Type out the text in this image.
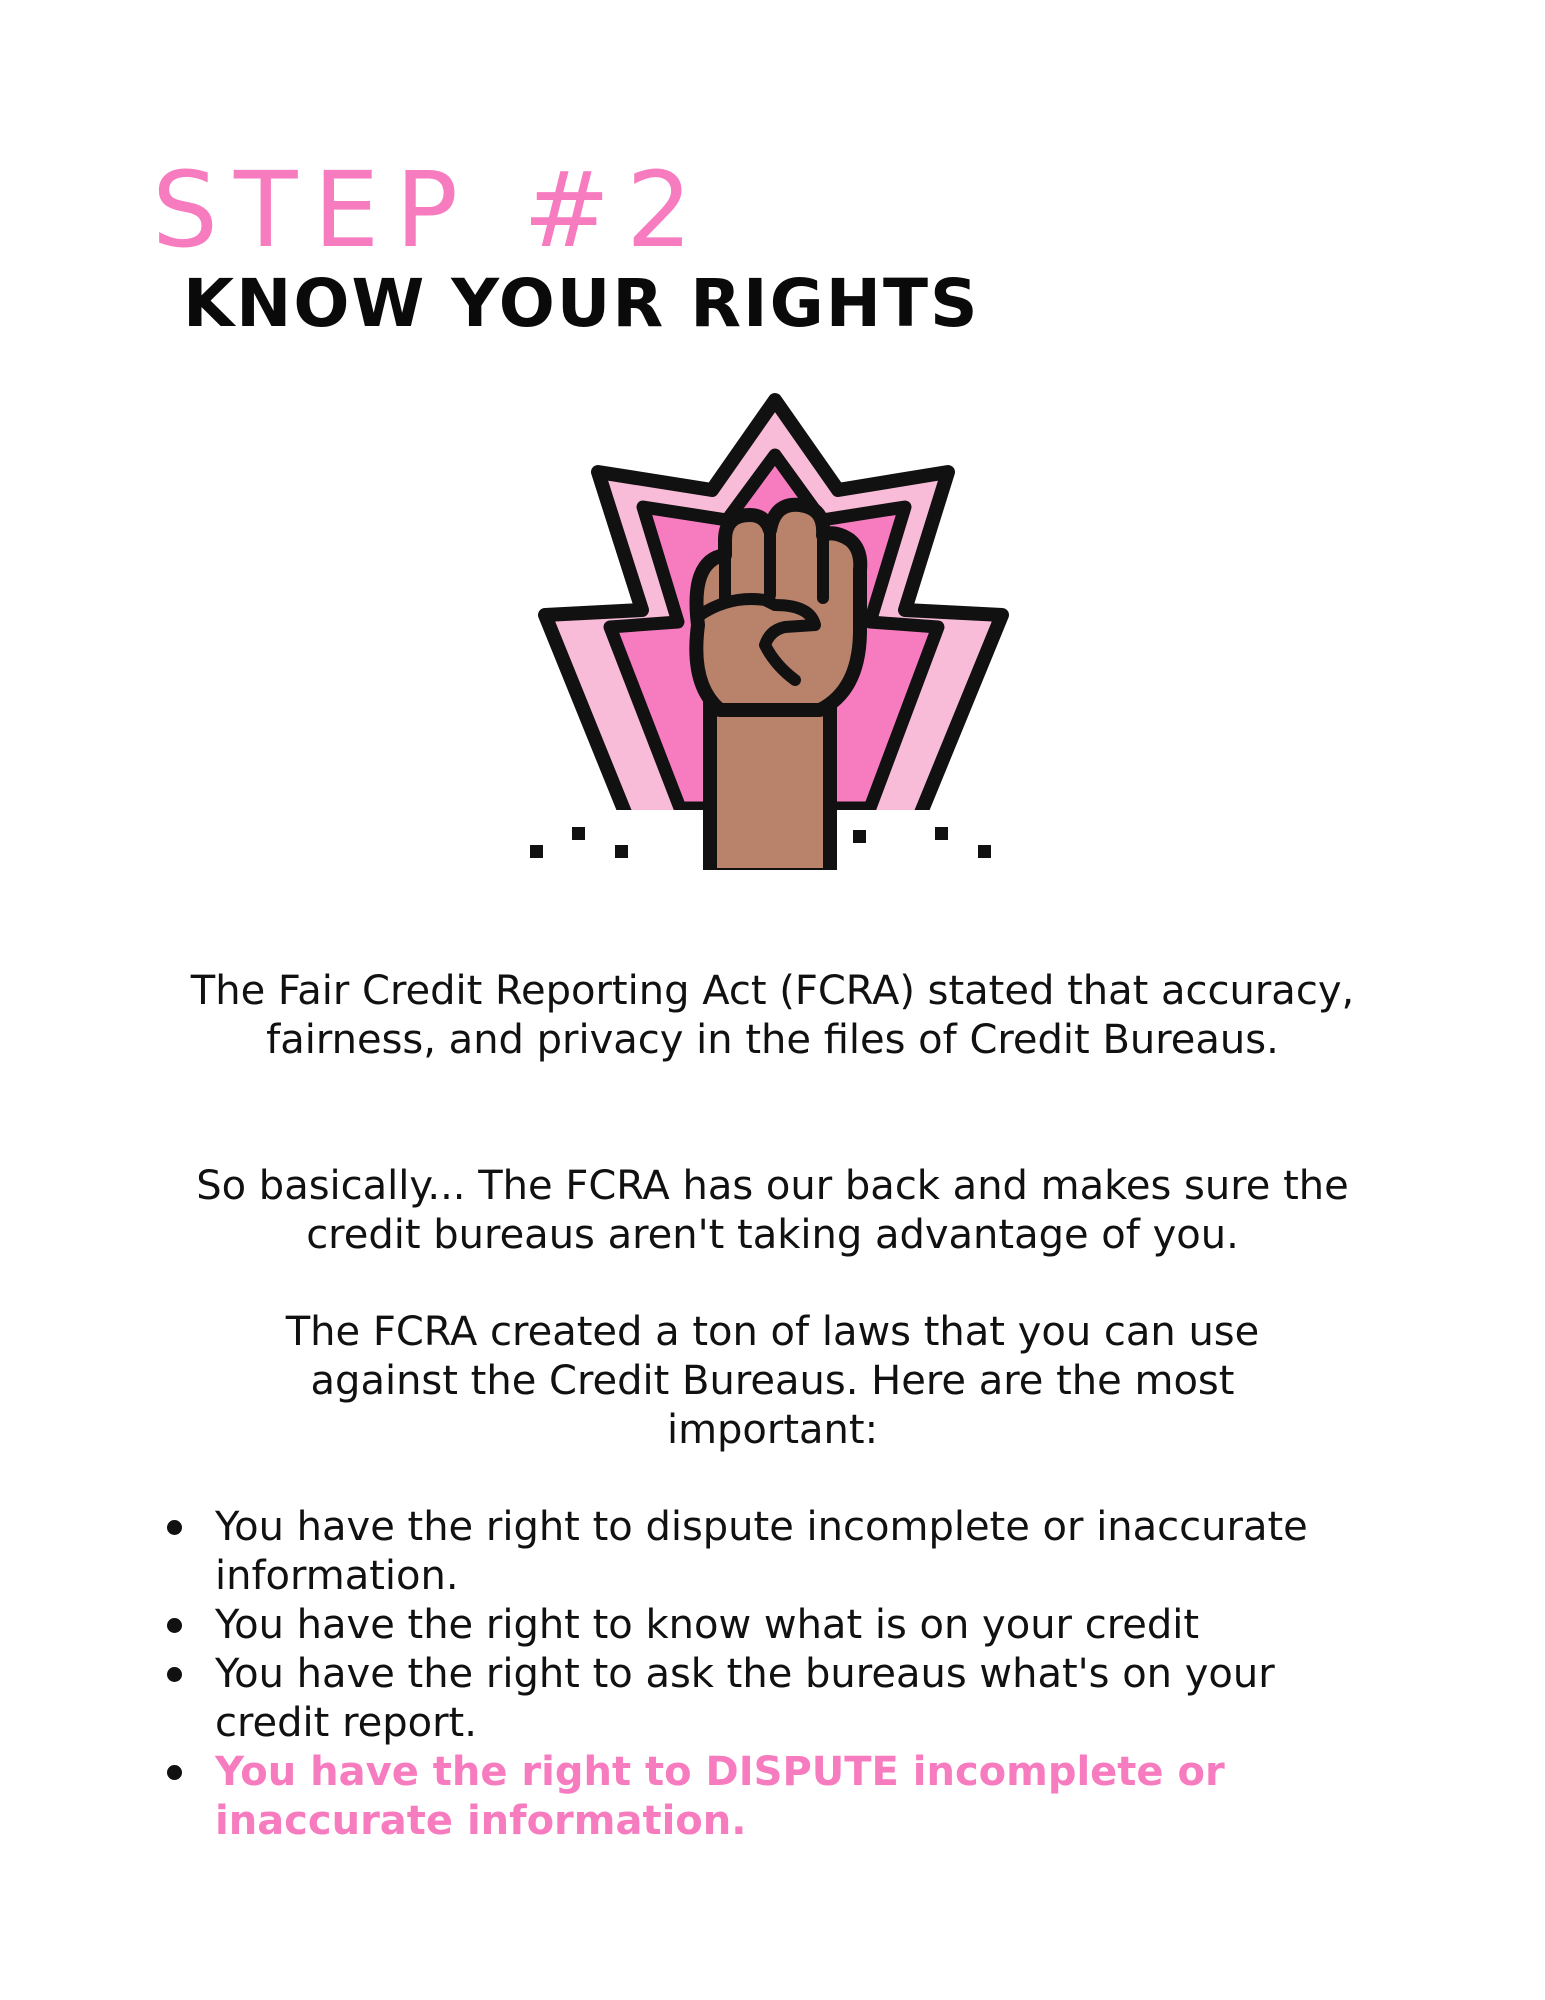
STEP #2
KNOW YOUR RIGHTS

The Fair Credit Reporting Act (FCRA) stated that accuracy, fairness, and privacy in the files of Credit Bureaus.

So basically... The FCRA has our back and makes sure the credit bureaus aren't taking advantage of you.

The FCRA created a ton of laws that you can use against the Credit Bureaus. Here are the most important:

You have the right to dispute incomplete or inaccurate information.
You have the right to know what is on your credit
You have the right to ask the bureaus what's on your credit report.
You have the right to DISPUTE incomplete or inaccurate information.
